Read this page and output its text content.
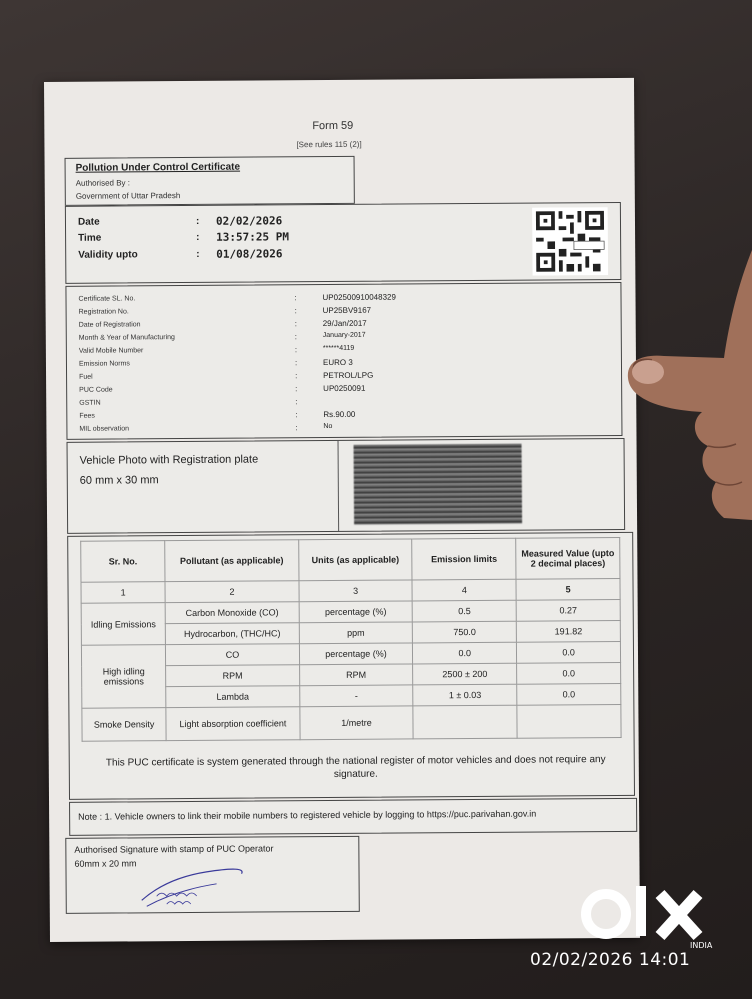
Form 59
[See rules 115 (2)]
Pollution Under Control Certificate
Authorised By :
Government of Uttar Pradesh
Date	: 02/02/2026
Time	: 13:57:25 PM
Validity upto	: 01/08/2026
Certificate SL. No.	:	UP02500910048329
Registration No.	:	UP25BV9167
Date of Registration	:	29/Jan/2017
Month & Year of Manufacturing	:	January-2017
Valid Mobile Number	:	******4119
Emission Norms	:	EURO 3
Fuel	:	PETROL/LPG
PUC Code	:	UP0250091
GSTIN	:
Fees	:	Rs.90.00
MIL observation	:	No
Vehicle Photo with Registration plate
60 mm x 30 mm
Sr. No.	Pollutant (as applicable)	Units (as applicable)	Emission limits	Measured Value (upto 2 decimal places)
1	2	3	4	5
Idling Emissions	Carbon Monoxide (CO)	percentage (%)	0.5	0.27
	Hydrocarbon, (THC/HC)	ppm	750.0	191.82
High idling emissions	CO	percentage (%)	0.0	0.0
	RPM	RPM	2500 ± 200	0.0
	Lambda	-	1 ± 0.03	0.0
Smoke Density	Light absorption coefficient	1/metre		
This PUC certificate is system generated through the national register of motor vehicles and does not require any signature.
Note : 1. Vehicle owners to link their mobile numbers to registered vehicle by logging to https://puc.parivahan.gov.in
Authorised Signature with stamp of PUC Operator
60mm x 20 mm
INDIA
02/02/2026 14:01
